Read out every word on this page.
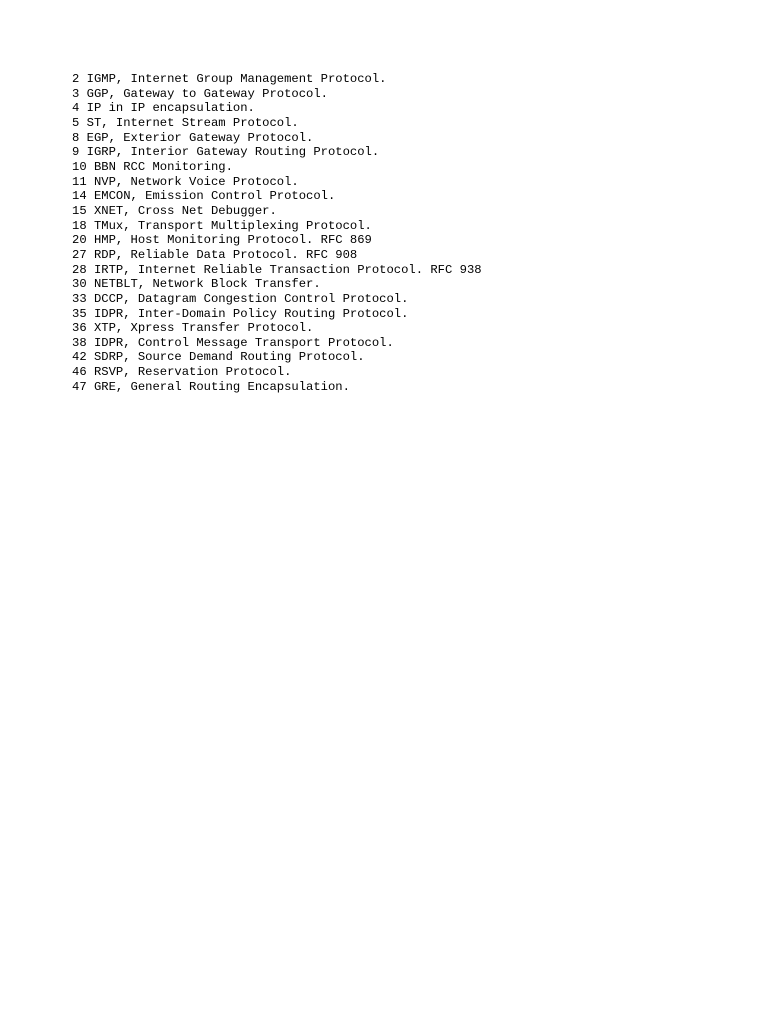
2 IGMP, Internet Group Management Protocol.
3 GGP, Gateway to Gateway Protocol.
4 IP in IP encapsulation.
5 ST, Internet Stream Protocol.
8 EGP, Exterior Gateway Protocol.
9 IGRP, Interior Gateway Routing Protocol.
10 BBN RCC Monitoring.
11 NVP, Network Voice Protocol.
14 EMCON, Emission Control Protocol.
15 XNET, Cross Net Debugger.
18 TMux, Transport Multiplexing Protocol.
20 HMP, Host Monitoring Protocol. RFC 869
27 RDP, Reliable Data Protocol. RFC 908
28 IRTP, Internet Reliable Transaction Protocol. RFC 938
30 NETBLT, Network Block Transfer.
33 DCCP, Datagram Congestion Control Protocol.
35 IDPR, Inter-Domain Policy Routing Protocol.
36 XTP, Xpress Transfer Protocol.
38 IDPR, Control Message Transport Protocol.
42 SDRP, Source Demand Routing Protocol.
46 RSVP, Reservation Protocol.
47 GRE, General Routing Encapsulation.
